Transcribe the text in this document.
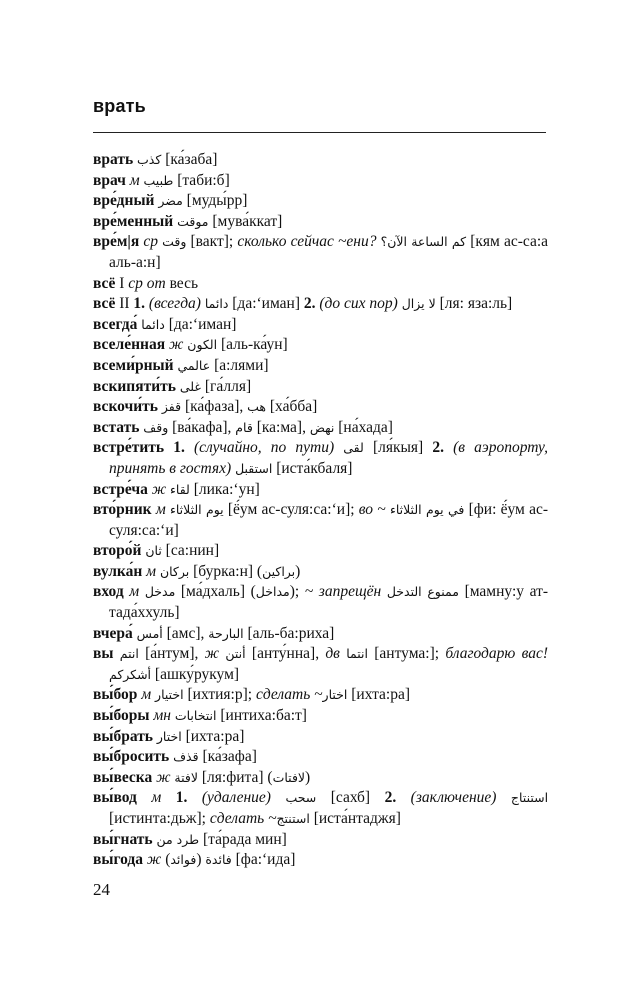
врать
врать كذب [ка́заба]
врач м طبيب [таби:б]
вре́дный مضر [муды́рр]
вре́менный موقت [мува́ккат]
вре́м|я ср وقت [вакт]; сколько сейчас ~ени? كم الساعة الآن؟ [кям ас-са:а аль-а:н]
всё I ср от весь
всё II 1. (всегда) دائما [да:‘иман] 2. (до сих пор) لا يزال [ля: яза:ль]
всегда́ دائما [да:‘иман]
вселе́нная ж الكون [аль-ка́ун]
всеми́рный عالمي [а:лями]
вскипяти́ть غلى [га́лля]
вскочи́ть قفز [ка́фаза], هب [ха́бба]
встать وقف [ва́кафа], قام [ка:ма], نهض [на́хада]
встре́тить 1. (случайно, по пути) لقى [ля́кыя] 2. (в аэропорту, принять в гостях) استقبل [иста́кбаля]
встре́ча ж لقاء [лика:‘ун]
вто́рник м يوم الثلاثاء [ё́ум ас-суля:са:‘и]; во ~ في يوم الثلاثاء [фи: ё́ум ас-суля:са:‘и]
второ́й ثان [са:нин]
вулка́н м بركان [бурка:н] (براكين)
вход м مدخل [ма́дхаль] (مداخل); ~ запрещён ممنوع التدخل [мамну:у ат-тада́ххуль]
вчера́ أمس [амс], البارحة [аль-ба:риха]
вы انتم [а́нтум], ж أنتن [анту́нна], дв انتما [антума:]; благодарю вас! أشكركم [ашку́рукум]
вы́бор м اختيار [ихтия:р]; сделать ~اختار [ихта:ра]
вы́боры мн انتخابات [интиха:ба:т]
вы́брать اختار [ихта:ра]
вы́бросить قذف [ка́зафа]
вы́веска ж لافتة [ля:фита] (لافتات)
вы́вод м 1. (удаление) سحب [сахб] 2. (заключение) استنتاج [истинта:дьж]; сделать ~استنتج [иста́нтаджя]
вы́гнать طرد من [та́рада мин]
вы́года ж (فوائد) فائدة [фа:‘ида]
24
